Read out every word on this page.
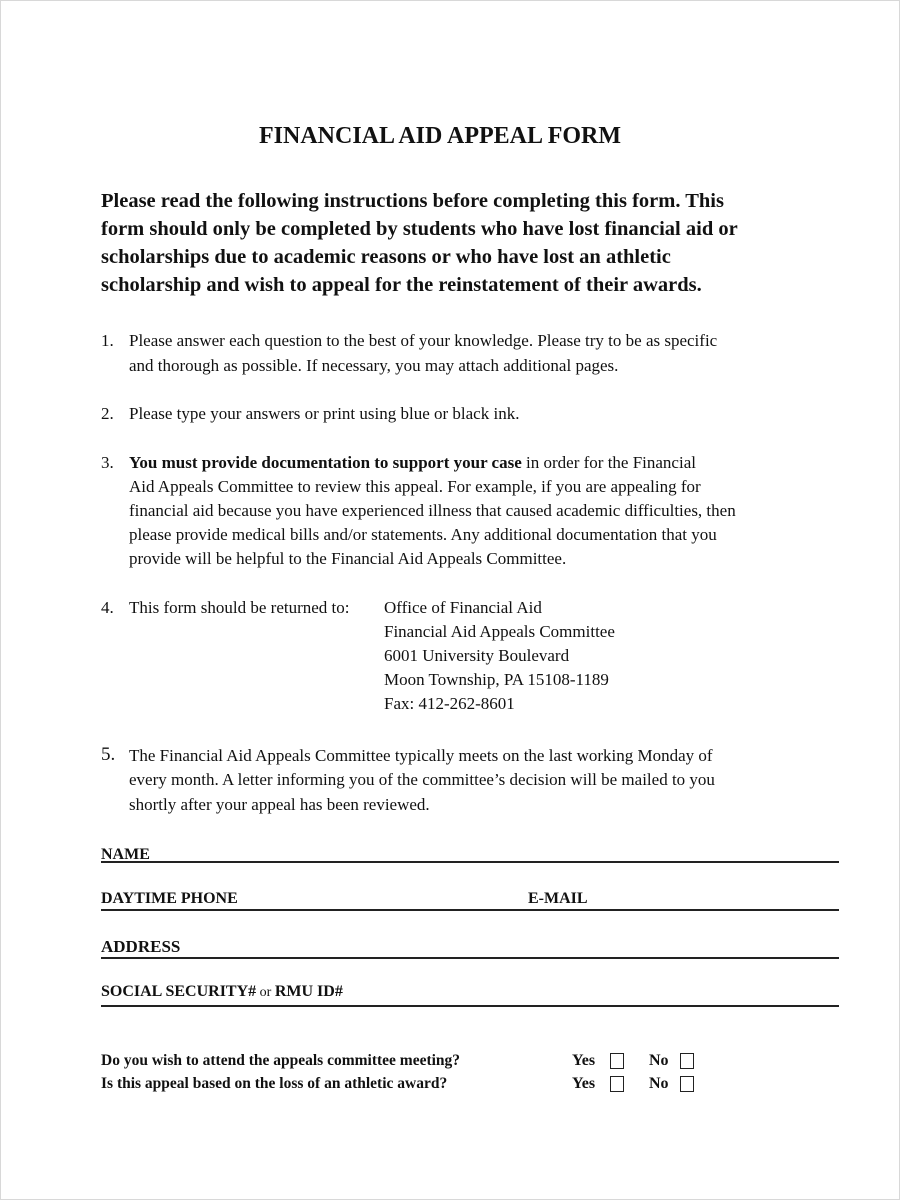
FINANCIAL AID APPEAL FORM
Please read the following instructions before completing this form. This
form should only be completed by students who have lost financial aid or
scholarships due to academic reasons or who have lost an athletic
scholarship and wish to appeal for the reinstatement of their awards.
1. Please answer each question to the best of your knowledge. Please try to be as specific
and thorough as possible. If necessary, you may attach additional pages.
2. Please type your answers or print using blue or black ink.
3. You must provide documentation to support your case in order for the Financial
Aid Appeals Committee to review this appeal. For example, if you are appealing for
financial aid because you have experienced illness that caused academic difficulties, then
please provide medical bills and/or statements. Any additional documentation that you
provide will be helpful to the Financial Aid Appeals Committee.
4. This form should be returned to: Office of Financial Aid
Financial Aid Appeals Committee
6001 University Boulevard
Moon Township, PA 15108-1189
Fax: 412-262-8601
5. The Financial Aid Appeals Committee typically meets on the last working Monday of
every month. A letter informing you of the committee’s decision will be mailed to you
shortly after your appeal has been reviewed.
NAME
DAYTIME PHONE	E-MAIL
ADDRESS
SOCIAL SECURITY# or RMU ID#
Do you wish to attend the appeals committee meeting?	Yes	No
Is this appeal based on the loss of an athletic award?	Yes	No
